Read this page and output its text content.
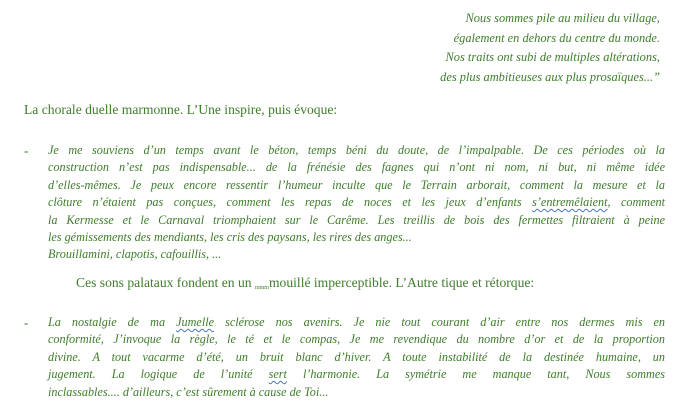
Nous sommes pile au milieu du village,
également en dehors du centre du monde.
Nos traits ont subi de multiples altérations,
des plus ambitieuses aux plus prosaïques...”
La chorale duelle marmonne. L’Une inspire, puis évoque:
- Je me souviens d’un temps avant le béton, temps béni du doute, de l’impalpable. De ces périodes où la
construction n’est pas indispensable... de la frénésie des fagnes qui n’ont ni nom, ni but, ni même idée
d’elles-mêmes. Je peux encore ressentir l’humeur inculte que le Terrain arborait, comment la mesure et la
clôture n’étaient pas conçues, comment les repas de noces et les jeux d’enfants s’entremêlaient, comment
la Kermesse et le Carnaval triomphaient sur le Carême. Les treillis de bois des fermettes filtraient à peine
les gémissements des mendiants, les cris des paysans, les rires des anges...
Brouillamini, clapotis, cafouillis, ...
Ces sons palataux fondent en un mmmmouillé imperceptible. L’Autre tique et rétorque:
- La nostalgie de ma Jumelle sclérose nos avenirs. Je nie tout courant d’air entre nos dermes mis en
conformité, J’invoque la règle, le té et le compas, Je me revendique du nombre d’or et de la proportion
divine. A tout vacarme d’été, un bruit blanc d’hiver. A toute instabilité de la destinée humaine, un
jugement. La logique de l’unité sert l’harmonie. La symétrie me manque tant, Nous sommes
inclassables.... d’ailleurs, c’est sûrement à cause de Toi...
